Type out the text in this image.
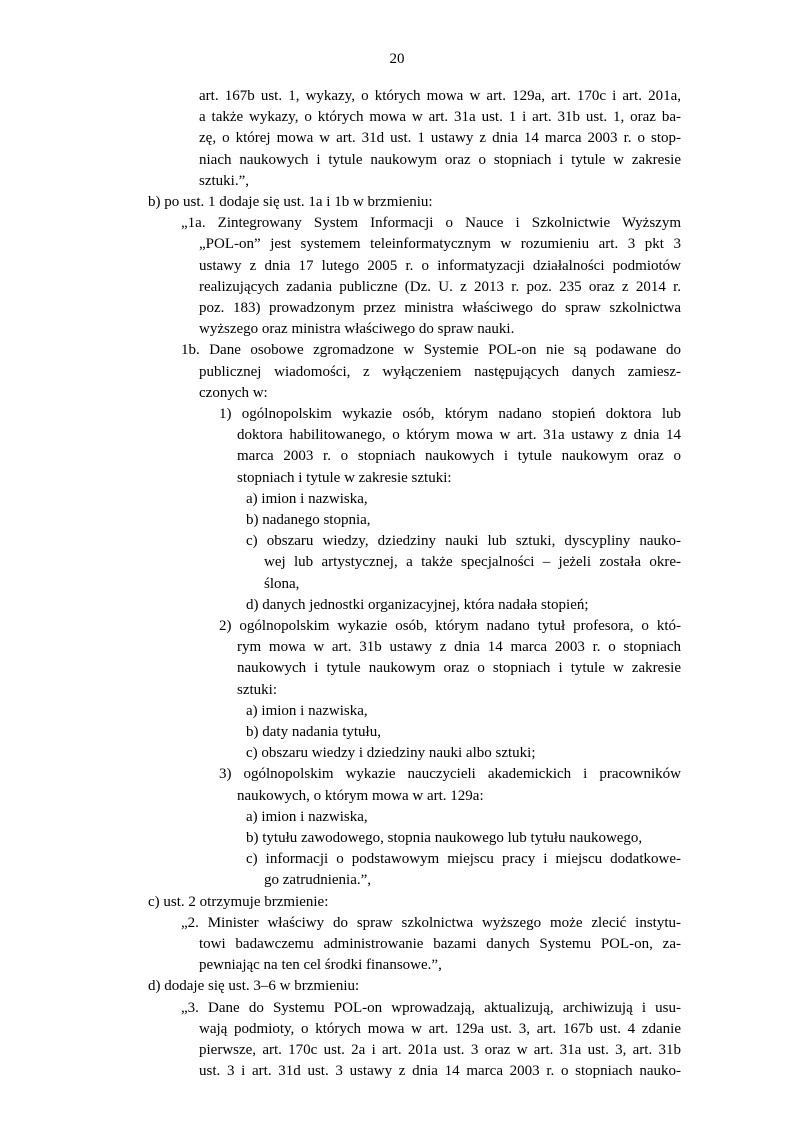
20
art. 167b ust. 1, wykazy, o których mowa w art. 129a, art. 170c i art. 201a,
a także wykazy, o których mowa w art. 31a ust. 1 i art. 31b ust. 1, oraz ba-
zę, o której mowa w art. 31d ust. 1 ustawy z dnia 14 marca 2003 r. o stop-
niach naukowych i tytule naukowym oraz o stopniach i tytule w zakresie
sztuki.”,
b) po ust. 1 dodaje się ust. 1a i 1b w brzmieniu:
„1a. Zintegrowany System Informacji o Nauce i Szkolnictwie Wyższym
„POL-on” jest systemem teleinformatycznym w rozumieniu art. 3 pkt 3
ustawy z dnia 17 lutego 2005 r. o informatyzacji działalności podmiotów
realizujących zadania publiczne (Dz. U. z 2013 r. poz. 235 oraz z 2014 r.
poz. 183) prowadzonym przez ministra właściwego do spraw szkolnictwa
wyższego oraz ministra właściwego do spraw nauki.
1b. Dane osobowe zgromadzone w Systemie POL-on nie są podawane do
publicznej wiadomości, z wyłączeniem następujących danych zamiesz-
czonych w:
1) ogólnopolskim wykazie osób, którym nadano stopień doktora lub
doktora habilitowanego, o którym mowa w art. 31a ustawy z dnia 14
marca 2003 r. o stopniach naukowych i tytule naukowym oraz o
stopniach i tytule w zakresie sztuki:
a) imion i nazwiska,
b) nadanego stopnia,
c) obszaru wiedzy, dziedziny nauki lub sztuki, dyscypliny nauko-
wej lub artystycznej, a także specjalności – jeżeli została okre-
ślona,
d) danych jednostki organizacyjnej, która nadała stopień;
2) ogólnopolskim wykazie osób, którym nadano tytuł profesora, o któ-
rym mowa w art. 31b ustawy z dnia 14 marca 2003 r. o stopniach
naukowych i tytule naukowym oraz o stopniach i tytule w zakresie
sztuki:
a) imion i nazwiska,
b) daty nadania tytułu,
c) obszaru wiedzy i dziedziny nauki albo sztuki;
3) ogólnopolskim wykazie nauczycieli akademickich i pracowników
naukowych, o którym mowa w art. 129a:
a) imion i nazwiska,
b) tytułu zawodowego, stopnia naukowego lub tytułu naukowego,
c) informacji o podstawowym miejscu pracy i miejscu dodatkowe-
go zatrudnienia.”,
c) ust. 2 otrzymuje brzmienie:
„2. Minister właściwy do spraw szkolnictwa wyższego może zlecić instytu-
towi badawczemu administrowanie bazami danych Systemu POL-on, za-
pewniając na ten cel środki finansowe.”,
d) dodaje się ust. 3–6 w brzmieniu:
„3. Dane do Systemu POL-on wprowadzają, aktualizują, archiwizują i usu-
wają podmioty, o których mowa w art. 129a ust. 3, art. 167b ust. 4 zdanie
pierwsze, art. 170c ust. 2a i art. 201a ust. 3 oraz w art. 31a ust. 3, art. 31b
ust. 3 i art. 31d ust. 3 ustawy z dnia 14 marca 2003 r. o stopniach nauko-
